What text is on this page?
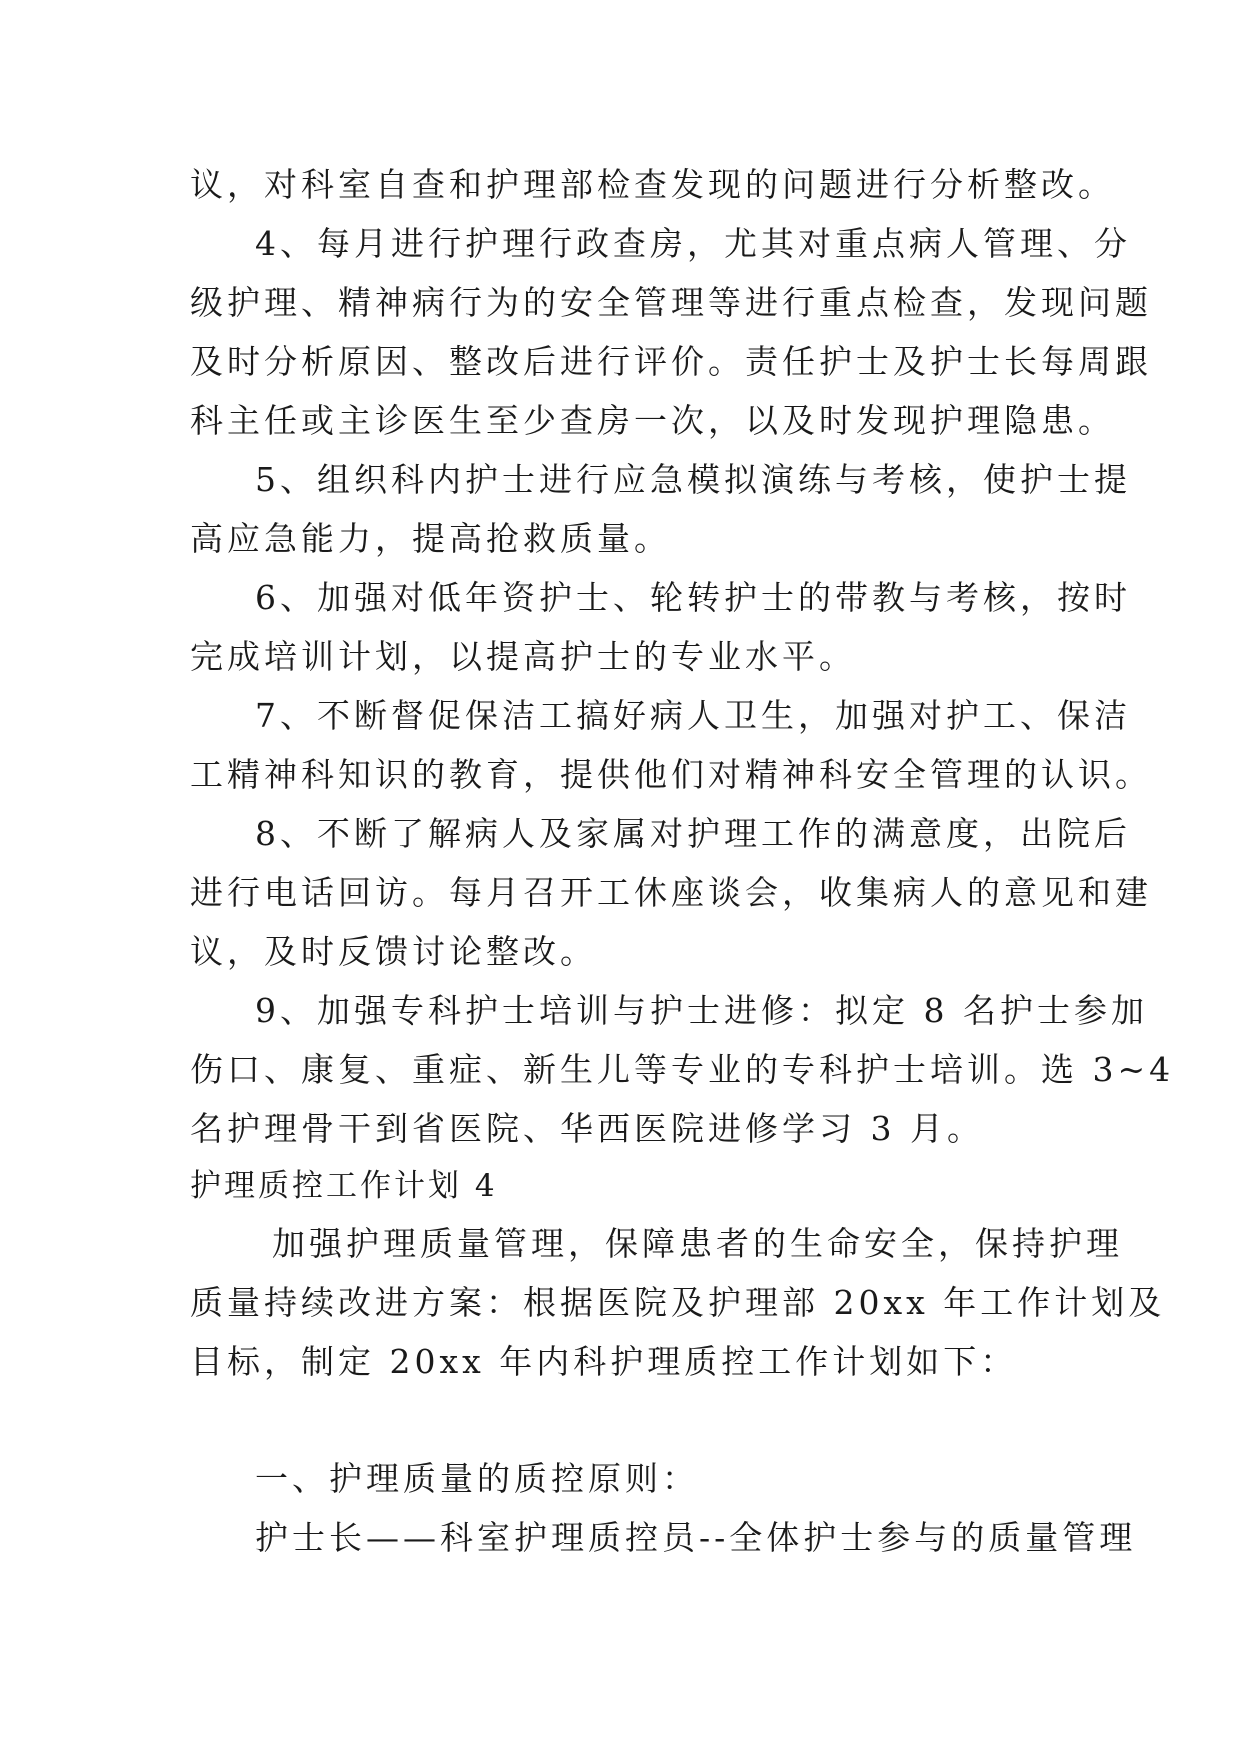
议，对科室自查和护理部检查发现的问题进行分析整改。
4、每月进行护理行政查房，尤其对重点病人管理、分
级护理、精神病行为的安全管理等进行重点检查，发现问题
及时分析原因、整改后进行评价。责任护士及护士长每周跟
科主任或主诊医生至少查房一次，以及时发现护理隐患。
5、组织科内护士进行应急模拟演练与考核，使护士提
高应急能力，提高抢救质量。
6、加强对低年资护士、轮转护士的带教与考核，按时
完成培训计划，以提高护士的专业水平。
7、不断督促保洁工搞好病人卫生，加强对护工、保洁
工精神科知识的教育，提供他们对精神科安全管理的认识。
8、不断了解病人及家属对护理工作的满意度，出院后
进行电话回访。每月召开工休座谈会，收集病人的意见和建
议，及时反馈讨论整改。
9、加强专科护士培训与护士进修：拟定 8 名护士参加
伤口、康复、重症、新生儿等专业的专科护士培训。选 3~4
名护理骨干到省医院、华西医院进修学习 3 月。
护理质控工作计划 4
加强护理质量管理，保障患者的生命安全，保持护理
质量持续改进方案：根据医院及护理部 20xx 年工作计划及
目标，制定 20xx 年内科护理质控工作计划如下：
一、护理质量的质控原则：
护士长——科室护理质控员--全体护士参与的质量管理
